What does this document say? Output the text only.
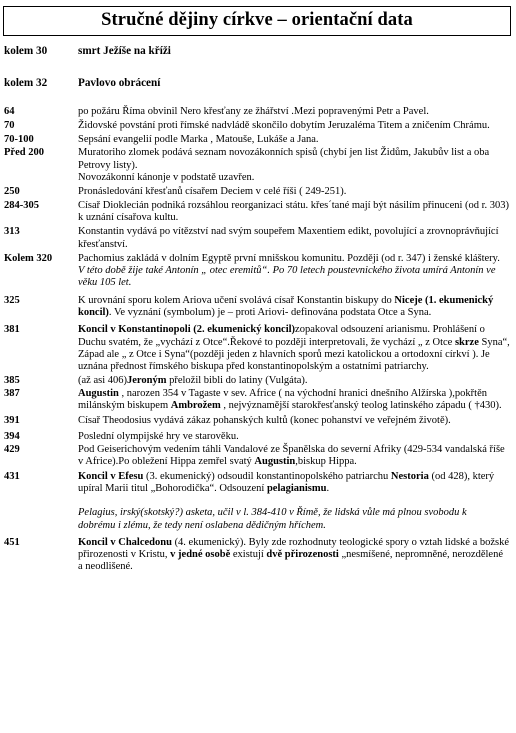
Stručné dějiny církve – orientační data
kolem 30	smrt Ježíše na kříži
kolem 32	Pavlovo obrácení
64	po požáru Říma obvinil Nero křesťany ze žhářství .Mezi popravenými Petr a Pavel.
70	Židovské povstání proti římské nadvládě skončilo dobytím Jeruzaléma Titem a zničením Chrámu.
70-100	Sepsání evangelií podle Marka , Matouše, Lukáše a Jana.
Před 200	Muratoriho zlomek podává seznam novozákonních spisů (chybí jen list Židům, Jakubův list a oba Petrovy listy).
Novozákonní kánonje v podstatě uzavřen.
250	Pronásledování křesťanů císařem Deciem v celé říši ( 249-251).
284-305	Císař Dioklecián podniká rozsáhlou reorganizaci státu. křes´tané mají být násilím přinuceni (od r. 303) k uznání císařova kultu.
313	Konstantin vydává po vítězství nad svým soupeřem Maxentiem edikt, povolující a zrovnoprávňující křesťanství.
Kolem 320	Pachomius zakládá v dolním Egyptě první mnišskou komunitu. Později (od r. 347) i ženské kláštery.
V této době žije také Antonín „ otec eremitů“. Po 70 letech poustevnického života umírá Antonín ve věku 105 let.
325	K urovnání sporu kolem Ariova učení svolává císař Konstantin biskupy do Niceje (1. ekumenický koncil). Ve vyznání (symbolum) je – proti Ariovi- definována podstata Otce a Syna.
381	Koncil v Konstantinopoli (2. ekumenický koncil)zopakoval odsouzení arianismu. Prohlášení o Duchu svatém, že „vychází z Otce“.Řekové to později interpretovali, že vychází „ z Otce skrze Syna“, Západ ale „ z Otce i Syna“(později jeden z hlavních sporů mezi katolickou a ortodoxní církví ). Je uznána přednost římského biskupa před konstantinopolským a ostatními patriarchy.
385	(až asi 406)Jeroným přeložil bibli do latiny (Vulgáta).
387	Augustin , narozen 354 v Tagaste v sev. Africe ( na východní hranici dnešního Alžírska ),pokřtěn milánským biskupem Ambrožem , nejvýznamější starokřesťanský teolog latinského západu ( †430).
391	Císař Theodosius vydává zákaz pohanských kultů (konec pohanství ve veřejném životě).
394	Poslední olympijské hry ve starověku.
429	Pod Geiserichovým vedením táhli Vandalové ze Španělska do severní Afriky (429-534 vandalská říše v Africe).Po obležení Hippa zemřel svatý Augustin,biskup Hippa.
431	Koncil v Efesu (3. ekumenický) odsoudil konstantinopolského patriarchu Nestoria (od 428), který upíral Marii titul „Bohorodička“. Odsouzení pelagianismu.
Pelagius, irský(skotský?) asketa, učil v l. 384-410 v Římě, že lidská vůle má plnou svobodu k dobrému i zlému, že tedy není oslabena dědičným hříchem.
451	Koncil v Chalcedonu (4. ekumenický). Byly zde rozhodnuty teologické spory o vztah lidské a božské přirozenosti v Kristu, v jedné osobě existují dvě přirozenosti „nesmíšené, nepromněné, nerozdělené a neodlišené.
